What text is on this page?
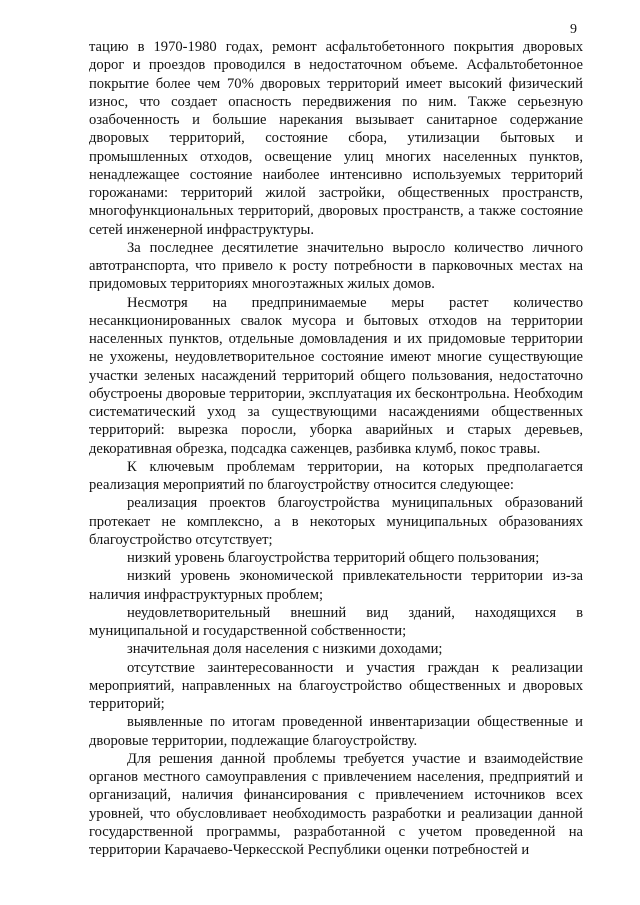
9

тацию в 1970-1980 годах, ремонт асфальтобетонного покрытия дворовых дорог и проездов проводился в недостаточном объеме. Асфальтобетонное покрытие более чем 70% дворовых территорий имеет высокий физический износ, что создает опасность передвижения по ним. Также серьезную озабоченность и большие нарекания вызывает санитарное содержание дворовых территорий, состояние сбора, утилизации бытовых и промышленных отходов, освещение улиц многих населенных пунктов, ненадлежащее состояние наиболее интенсивно используемых территорий горожанами: территорий жилой застройки, общественных пространств, многофункциональных территорий, дворовых пространств, а также состояние сетей инженерной инфраструктуры.

За последнее десятилетие значительно выросло количество личного автотранспорта, что привело к росту потребности в парковочных местах на придомовых территориях многоэтажных жилых домов.

Несмотря на предпринимаемые меры растет количество несанкционированных свалок мусора и бытовых отходов на территории населенных пунктов, отдельные домовладения и их придомовые территории не ухожены, неудовлетворительное состояние имеют многие существующие участки зеленых насаждений территорий общего пользования, недостаточно обустроены дворовые территории, эксплуатация их бесконтрольна. Необходим систематический уход за существующими насаждениями общественных территорий: вырезка поросли, уборка аварийных и старых деревьев, декоративная обрезка, подсадка саженцев, разбивка клумб, покос травы.

К ключевым проблемам территории, на которых предполагается реализация мероприятий по благоустройству относится следующее:

реализация проектов благоустройства муниципальных образований протекает не комплексно, а в некоторых муниципальных образованиях благоустройство отсутствует;

низкий уровень благоустройства территорий общего пользования;

низкий уровень экономической привлекательности территории из-за наличия инфраструктурных проблем;

неудовлетворительный внешний вид зданий, находящихся в муниципальной и государственной собственности;

значительная доля населения с низкими доходами;

отсутствие заинтересованности и участия граждан к реализации мероприятий, направленных на благоустройство общественных и дворовых территорий;

выявленные по итогам проведенной инвентаризации общественные и дворовые территории, подлежащие благоустройству.

Для решения данной проблемы требуется участие и взаимодействие органов местного самоуправления с привлечением населения, предприятий и организаций, наличия финансирования с привлечением источников всех уровней, что обусловливает необходимость разработки и реализации данной государственной программы, разработанной с учетом проведенной на территории Карачаево-Черкесской Республики оценки потребностей и
